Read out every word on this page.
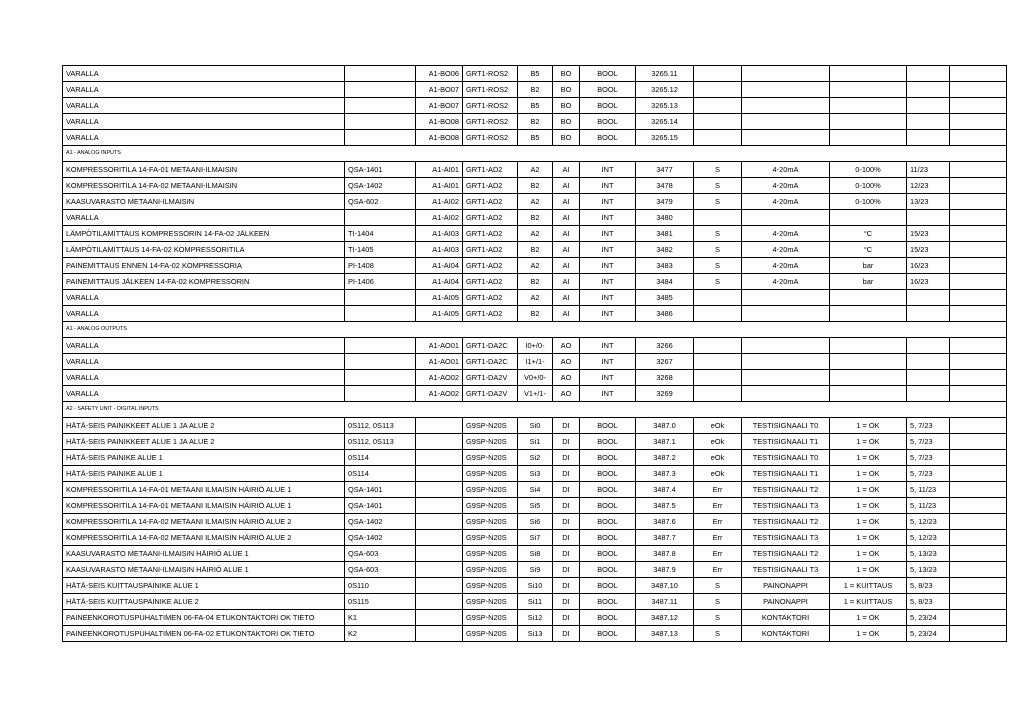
VARALLA		A1-BO06	GRT1-ROS2	B5	BO	BOOL	3265.11					
VARALLA		A1-BO07	GRT1-ROS2	B2	BO	BOOL	3265.12					
VARALLA		A1-BO07	GRT1-ROS2	B5	BO	BOOL	3265.13					
VARALLA		A1-BO08	GRT1-ROS2	B2	BO	BOOL	3265.14					
VARALLA		A1-BO08	GRT1-ROS2	B5	BO	BOOL	3265.15					
A1 - ANALOG INPUTS												
KOMPRESSORITILA 14-FA-01 METAANI-ILMAISIN	QSA-1401	A1-AI01	GRT1-AD2	A2	AI	INT	3477	S	4-20mA	0-100%	11/23	
KOMPRESSORITILA 14-FA-02 METAANI-ILMAISIN	QSA-1402	A1-AI01	GRT1-AD2	B2	AI	INT	3478	S	4-20mA	0-100%	12/23	
KAASUVARASTO METAANI-ILMAISIN	QSA-602	A1-AI02	GRT1-AD2	A2	AI	INT	3479	S	4-20mA	0-100%	13/23	
VARALLA		A1-AI02	GRT1-AD2	B2	AI	INT	3480					
LÄMPÖTILAMITTAUS KOMPRESSORIN 14-FA-02 JÄLKEEN	TI-1404	A1-AI03	GRT1-AD2	A2	AI	INT	3481	S	4-20mA	°C	15/23	
LÄMPÖTILAMITTAUS 14-FA-02 KOMPRESSORITILA	TI-1405	A1-AI03	GRT1-AD2	B2	AI	INT	3482	S	4-20mA	°C	15/23	
PAINEMITTAUS ENNEN 14-FA-02 KOMPRESSORIA	PI-1408	A1-AI04	GRT1-AD2	A2	AI	INT	3483	S	4-20mA	bar	16/23	
PAINEMITTAUS JÄLKEEN 14-FA-02 KOMPRESSORIN	PI-1406	A1-AI04	GRT1-AD2	B2	AI	INT	3484	S	4-20mA	bar	16/23	
VARALLA		A1-AI05	GRT1-AD2	A2	AI	INT	3485					
VARALLA		A1-AI05	GRT1-AD2	B2	AI	INT	3486					
A1 - ANALOG OUTPUTS												
VARALLA		A1-AO01	GRT1-DA2C	I0+/0-	AO	INT	3266					
VARALLA		A1-AO01	GRT1-DA2C	I1+/1-	AO	INT	3267					
VARALLA		A1-AO02	GRT1-DA2V	V0+/0-	AO	INT	3268					
VARALLA		A1-AO02	GRT1-DA2V	V1+/1-	AO	INT	3269					
A2 - SAFETY UNIT - DIGITAL INPUTS												
HÄTÄ-SEIS PAINIKKEET ALUE 1 JA ALUE 2	0S112, 0S113		G9SP-N20S	Si0	DI	BOOL	3487.0	eOk	TESTISIGNAALI T0	1 = OK	5, 7/23	
HÄTÄ-SEIS PAINIKKEET ALUE 1 JA ALUE 2	0S112, 0S113		G9SP-N20S	Si1	DI	BOOL	3487.1	eOk	TESTISIGNAALI T1	1 = OK	5, 7/23	
HÄTÄ-SEIS PAINIKE ALUE 1	0S114		G9SP-N20S	Si2	DI	BOOL	3487.2	eOk	TESTISIGNAALI T0	1 = OK	5, 7/23	
HÄTÄ-SEIS PAINIKE ALUE 1	0S114		G9SP-N20S	Si3	DI	BOOL	3487.3	eOk	TESTISIGNAALI T1	1 = OK	5, 7/23	
KOMPRESSORITILA 14-FA-01 METAANI ILMAISIN HÄIRIÖ ALUE 1	QSA-1401		G9SP-N20S	Si4	DI	BOOL	3487.4	Err	TESTISIGNAALI T2	1 = OK	5, 11/23	
KOMPRESSORITILA 14-FA-01 METAANI ILMAISIN HÄIRIÖ ALUE 1	QSA-1401		G9SP-N20S	Si5	DI	BOOL	3487.5	Err	TESTISIGNAALI T3	1 = OK	5, 11/23	
KOMPRESSORITILA 14-FA-02 METAANI ILMAISIN HÄIRIÖ ALUE 2	QSA-1402		G9SP-N20S	Si6	DI	BOOL	3487.6	Err	TESTISIGNAALI T2	1 = OK	5, 12/23	
KOMPRESSORITILA 14-FA-02 METAANI ILMAISIN HÄIRIÖ ALUE 2	QSA-1402		G9SP-N20S	Si7	DI	BOOL	3487.7	Err	TESTISIGNAALI T3	1 = OK	5, 12/23	
KAASUVARASTO METAANI-ILMAISIN HÄIRIÖ ALUE 1	QSA-603		G9SP-N20S	Si8	DI	BOOL	3487.8	Err	TESTISIGNAALI T2	1 = OK	5, 13/23	
KAASUVARASTO METAANI-ILMAISIN HÄIRIÖ ALUE 1	QSA-603		G9SP-N20S	Si9	DI	BOOL	3487.9	Err	TESTISIGNAALI T3	1 = OK	5, 13/23	
HÄTÄ-SEIS KUITTAUSPAINIKE ALUE 1	0S110		G9SP-N20S	Si10	DI	BOOL	3487.10	S	PAINONAPPI	1 = KUITTAUS	5, 8/23	
HÄTÄ-SEIS KUITTAUSPAINIKE ALUE 2	0S115		G9SP-N20S	Si11	DI	BOOL	3487.11	S	PAINONAPPI	1 = KUITTAUS	5, 8/23	
PAINEENKOROTUSPUHALTIMEN 06-FA-04 ETUKONTAKTORI OK TIETO	K1		G9SP-N20S	Si12	DI	BOOL	3487.12	S	KONTAKTORI	1 = OK	5, 23/24	
PAINEENKOROTUSPUHALTIMEN 06-FA-02 ETUKONTAKTORI OK TIETO	K2		G9SP-N20S	Si13	DI	BOOL	3487.13	S	KONTAKTORI	1 = OK	5, 23/24	
